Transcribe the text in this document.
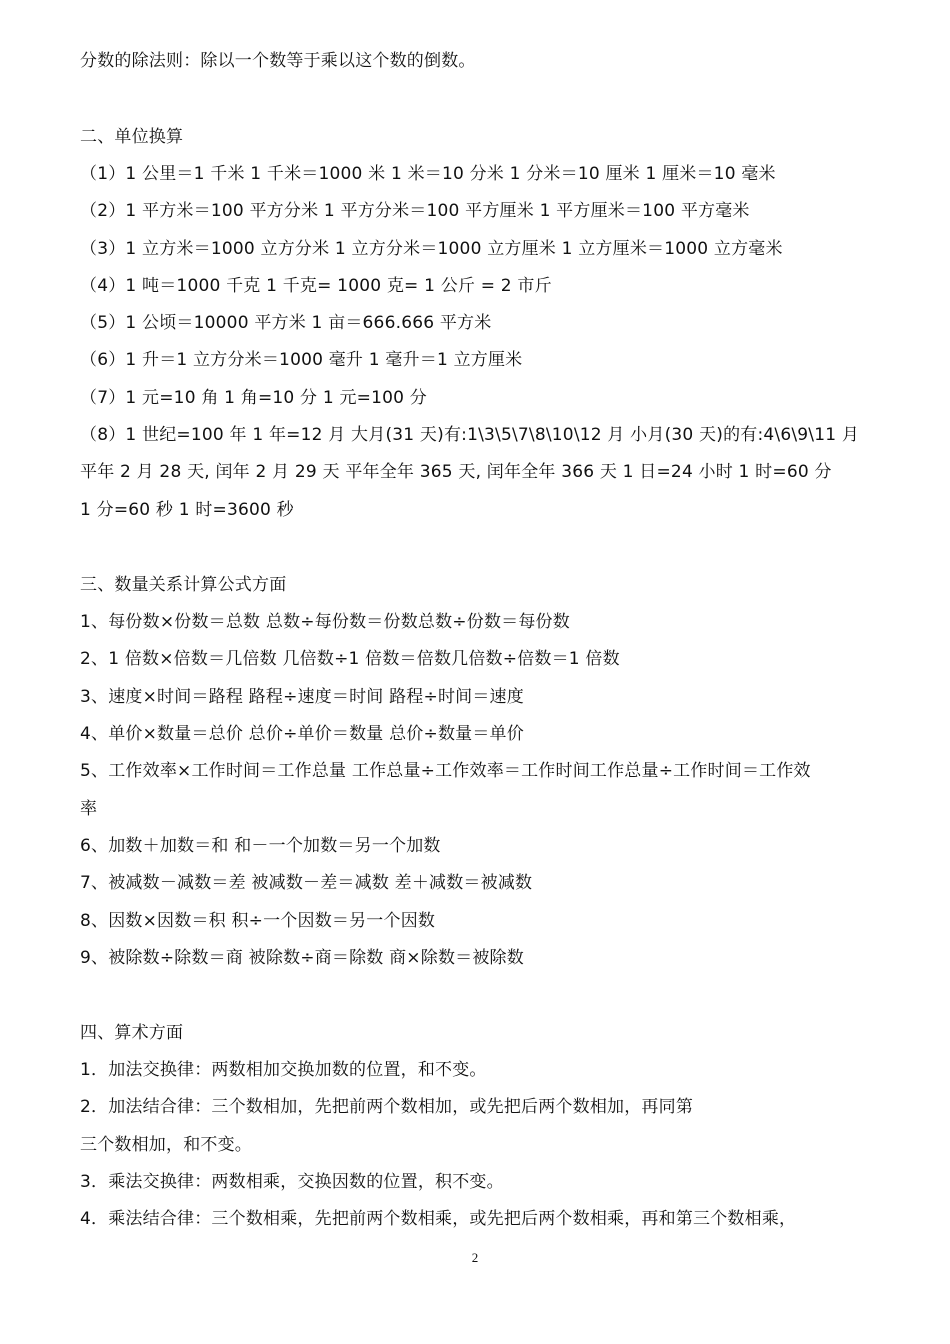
分数的除法则：除以一个数等于乘以这个数的倒数。
二、单位换算
（1）1 公里＝1 千米 1 千米＝1000 米 1 米＝10 分米 1 分米＝10 厘米 1 厘米＝10 毫米
（2）1 平方米＝100 平方分米 1 平方分米＝100 平方厘米 1 平方厘米＝100 平方毫米
（3）1 立方米＝1000 立方分米 1 立方分米＝1000 立方厘米 1 立方厘米＝1000 立方毫米
（4）1 吨＝1000 千克 1 千克= 1000 克= 1 公斤 = 2 市斤
（5）1 公顷＝10000 平方米 1 亩＝666.666 平方米
（6）1 升＝1 立方分米＝1000 毫升 1 毫升＝1 立方厘米
（7）1 元=10 角 1 角=10 分 1 元=100 分
（8）1 世纪=100 年 1 年=12 月 大月(31 天)有:1\3\5\7\8\10\12 月 小月(30 天)的有:4\6\9\11 月
平年 2 月 28 天, 闰年 2 月 29 天 平年全年 365 天, 闰年全年 366 天 1 日=24 小时 1 时=60 分
1 分=60 秒 1 时=3600 秒
三、数量关系计算公式方面
1、每份数×份数＝总数 总数÷每份数＝份数总数÷份数＝每份数
2、1 倍数×倍数＝几倍数 几倍数÷1 倍数＝倍数几倍数÷倍数＝1 倍数
3、速度×时间＝路程 路程÷速度＝时间 路程÷时间＝速度
4、单价×数量＝总价 总价÷单价＝数量 总价÷数量＝单价
5、工作效率×工作时间＝工作总量 工作总量÷工作效率＝工作时间工作总量÷工作时间＝工作效
率
6、加数＋加数＝和 和－一个加数＝另一个加数
7、被减数－减数＝差 被减数－差＝减数 差＋减数＝被减数
8、因数×因数＝积 积÷一个因数＝另一个因数
9、被除数÷除数＝商 被除数÷商＝除数 商×除数＝被除数
四、算术方面
1．加法交换律：两数相加交换加数的位置，和不变。
2．加法结合律：三个数相加，先把前两个数相加，或先把后两个数相加，再同第
三个数相加，和不变。
3．乘法交换律：两数相乘，交换因数的位置，积不变。
4．乘法结合律：三个数相乘，先把前两个数相乘，或先把后两个数相乘，再和第三个数相乘，
2
